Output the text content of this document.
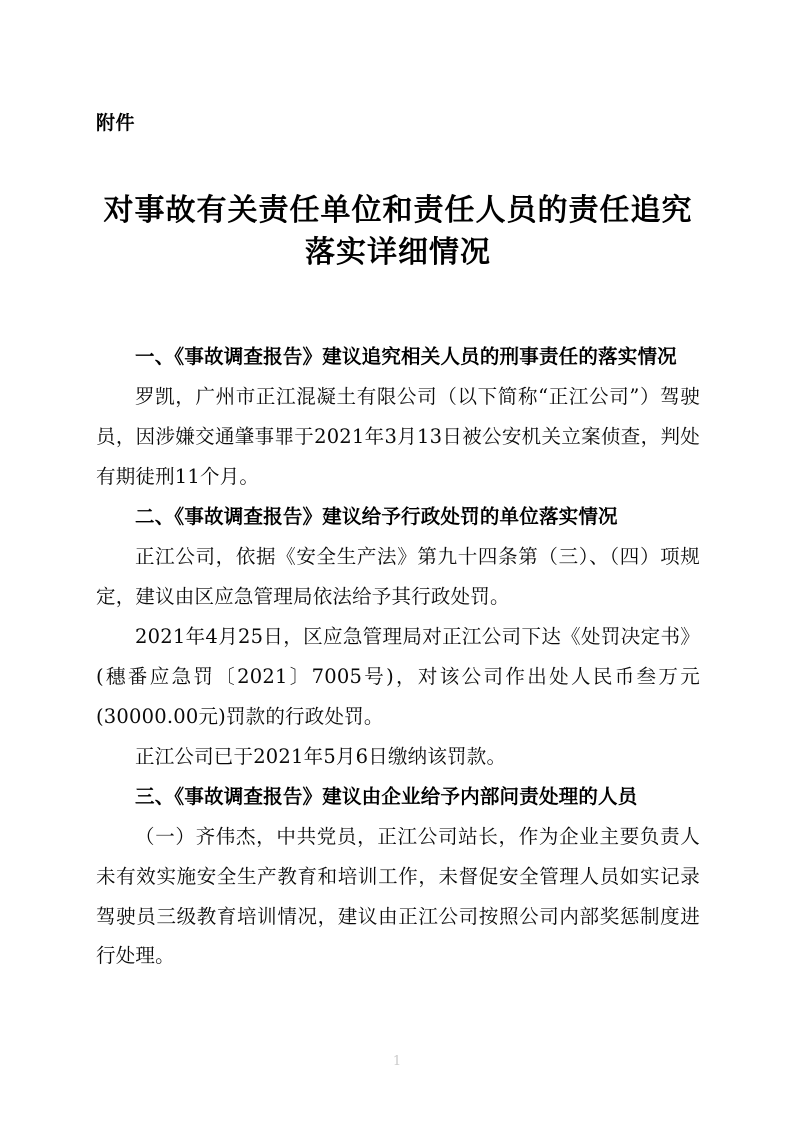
附件
对事故有关责任单位和责任人员的责任追究
落实详细情况
一、《事故调查报告》建议追究相关人员的刑事责任的落实情况

罗凯，广州市正江混凝土有限公司（以下简称“正江公司”）驾驶员，因涉嫌交通肇事罪于2021年3月13日被公安机关立案侦查，判处有期徒刑11个月。

二、《事故调查报告》建议给予行政处罚的单位落实情况

正江公司，依据《安全生产法》第九十四条第（三）、（四）项规定，建议由区应急管理局依法给予其行政处罚。

2021年4月25日，区应急管理局对正江公司下达《处罚决定书》(穗番应急罚〔2021〕7005号)，对该公司作出处人民币叁万元(30000.00元)罚款的行政处罚。

正江公司已于2021年5月6日缴纳该罚款。

三、《事故调查报告》建议由企业给予内部问责处理的人员

（一）齐伟杰，中共党员，正江公司站长，作为企业主要负责人未有效实施安全生产教育和培训工作，未督促安全管理人员如实记录驾驶员三级教育培训情况，建议由正江公司按照公司内部奖惩制度进行处理。

1
